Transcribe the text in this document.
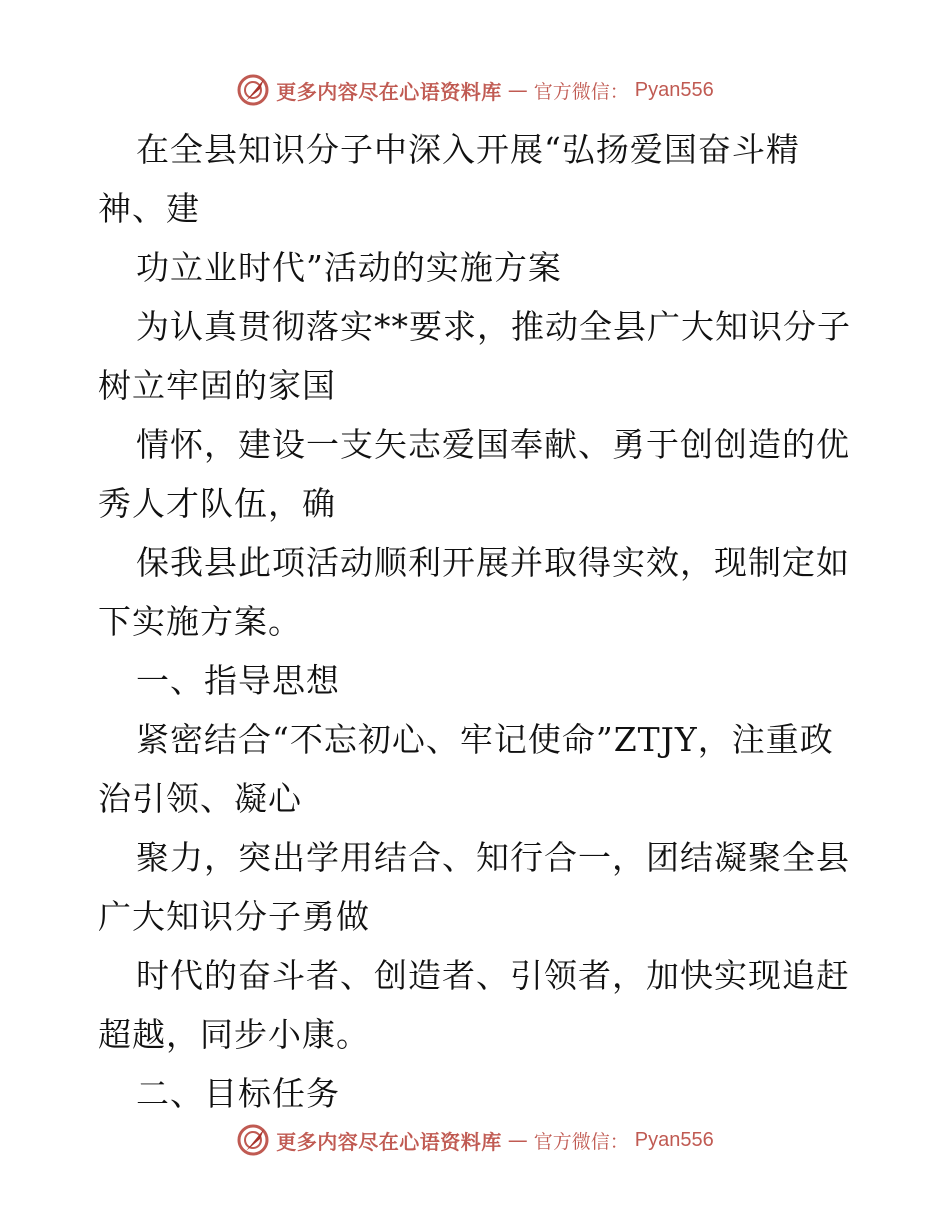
更多内容尽在心语资料库 — 官方微信： Pyan556
在全县知识分子中深入开展“弘扬爱国奋斗精
神、建
功立业时代”活动的实施方案
为认真贯彻落实**要求，推动全县广大知识分子
树立牢固的家国
情怀，建设一支矢志爱国奉献、勇于创创造的优
秀人才队伍，确
保我县此项活动顺利开展并取得实效，现制定如
下实施方案。
一、指导思想
紧密结合“不忘初心、牢记使命”ZTJY，注重政
治引领、凝心
聚力，突出学用结合、知行合一，团结凝聚全县
广大知识分子勇做
时代的奋斗者、创造者、引领者，加快实现追赶
超越，同步小康。
二、目标任务
更多内容尽在心语资料库 — 官方微信： Pyan556
